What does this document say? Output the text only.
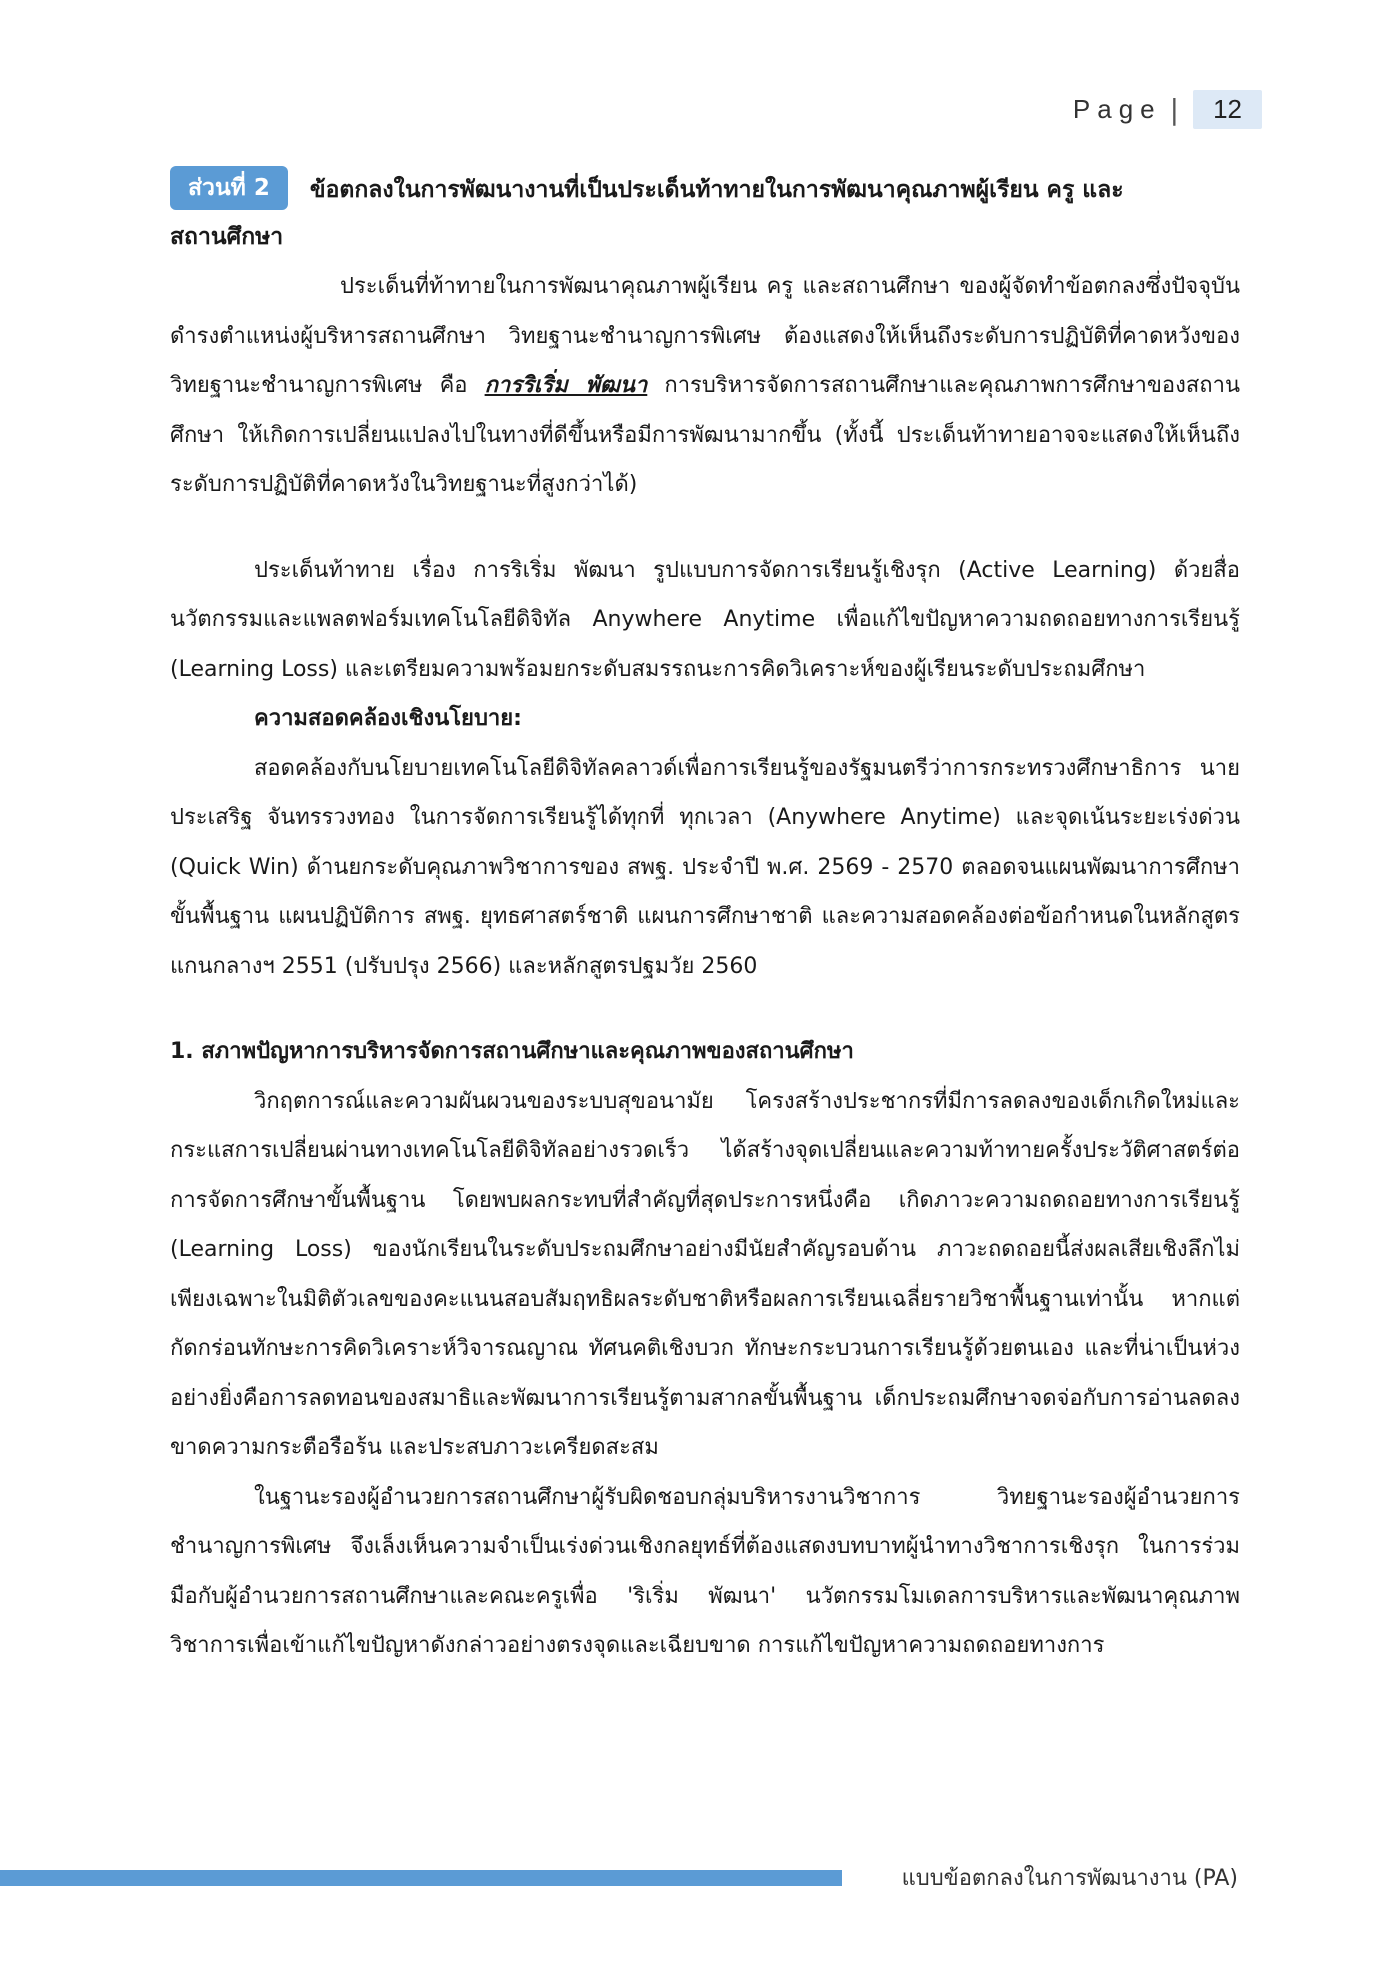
Page |	12
ส่วนที่ 2	ข้อตกลงในการพัฒนางานที่เป็นประเด็นท้าทายในการพัฒนาคุณภาพผู้เรียน ครู และ
สถานศึกษา

ประเด็นที่ท้าทายในการพัฒนาคุณภาพผู้เรียน ครู และสถานศึกษา ของผู้จัดทำข้อตกลงซึ่งปัจจุบันดำรงตำแหน่งผู้บริหารสถานศึกษา วิทยฐานะชำนาญการพิเศษ ต้องแสดงให้เห็นถึงระดับการปฏิบัติที่คาดหวังของวิทยฐานะชำนาญการพิเศษ คือ การริเริ่ม พัฒนา การบริหารจัดการสถานศึกษาและคุณภาพการศึกษาของสถานศึกษา ให้เกิดการเปลี่ยนแปลงไปในทางที่ดีขึ้นหรือมีการพัฒนามากขึ้น (ทั้งนี้ ประเด็นท้าทายอาจจะแสดงให้เห็นถึงระดับการปฏิบัติที่คาดหวังในวิทยฐานะที่สูงกว่าได้)

ประเด็นท้าทาย เรื่อง การริเริ่ม พัฒนา รูปแบบการจัดการเรียนรู้เชิงรุก (Active Learning) ด้วยสื่อนวัตกรรมและแพลตฟอร์มเทคโนโลยีดิจิทัล Anywhere Anytime เพื่อแก้ไขปัญหาความถดถอยทางการเรียนรู้ (Learning Loss) และเตรียมความพร้อมยกระดับสมรรถนะการคิดวิเคราะห์ของผู้เรียนระดับประถมศึกษา

ความสอดคล้องเชิงนโยบาย:

สอดคล้องกับนโยบายเทคโนโลยีดิจิทัลคลาวด์เพื่อการเรียนรู้ของรัฐมนตรีว่าการกระทรวงศึกษาธิการ นายประเสริฐ จันทรรวงทอง ในการจัดการเรียนรู้ได้ทุกที่ ทุกเวลา (Anywhere Anytime) และจุดเน้นระยะเร่งด่วน (Quick Win) ด้านยกระดับคุณภาพวิชาการของ สพฐ. ประจำปี พ.ศ. 2569 - 2570 ตลอดจนแผนพัฒนาการศึกษาขั้นพื้นฐาน แผนปฏิบัติการ สพฐ. ยุทธศาสตร์ชาติ แผนการศึกษาชาติ และความสอดคล้องต่อข้อกำหนดในหลักสูตรแกนกลางฯ 2551 (ปรับปรุง 2566) และหลักสูตรปฐมวัย 2560

1. สภาพปัญหาการบริหารจัดการสถานศึกษาและคุณภาพของสถานศึกษา

วิกฤตการณ์และความผันผวนของระบบสุขอนามัย โครงสร้างประชากรที่มีการลดลงของเด็กเกิดใหม่และกระแสการเปลี่ยนผ่านทางเทคโนโลยีดิจิทัลอย่างรวดเร็ว ได้สร้างจุดเปลี่ยนและความท้าทายครั้งประวัติศาสตร์ต่อการจัดการศึกษาขั้นพื้นฐาน โดยพบผลกระทบที่สำคัญที่สุดประการหนึ่งคือ เกิดภาวะความถดถอยทางการเรียนรู้ (Learning Loss) ของนักเรียนในระดับประถมศึกษาอย่างมีนัยสำคัญรอบด้าน ภาวะถดถอยนี้ส่งผลเสียเชิงลึกไม่เพียงเฉพาะในมิติตัวเลขของคะแนนสอบสัมฤทธิผลระดับชาติหรือผลการเรียนเฉลี่ยรายวิชาพื้นฐานเท่านั้น หากแต่กัดกร่อนทักษะการคิดวิเคราะห์วิจารณญาณ ทัศนคติเชิงบวก ทักษะกระบวนการเรียนรู้ด้วยตนเอง และที่น่าเป็นห่วงอย่างยิ่งคือการลดทอนของสมาธิและพัฒนาการเรียนรู้ตามสากลขั้นพื้นฐาน เด็กประถมศึกษาจดจ่อกับการอ่านลดลง ขาดความกระตือรือร้น และประสบภาวะเครียดสะสม

ในฐานะรองผู้อำนวยการสถานศึกษาผู้รับผิดชอบกลุ่มบริหารงานวิชาการ วิทยฐานะรองผู้อำนวยการชำนาญการพิเศษ จึงเล็งเห็นความจำเป็นเร่งด่วนเชิงกลยุทธ์ที่ต้องแสดงบทบาทผู้นำทางวิชาการเชิงรุก ในการร่วมมือกับผู้อำนวยการสถานศึกษาและคณะครูเพื่อ 'ริเริ่ม พัฒนา' นวัตกรรมโมเดลการบริหารและพัฒนาคุณภาพวิชาการเพื่อเข้าแก้ไขปัญหาดังกล่าวอย่างตรงจุดและเฉียบขาด การแก้ไขปัญหาความถดถอยทางการ

แบบข้อตกลงในการพัฒนางาน (PA)
